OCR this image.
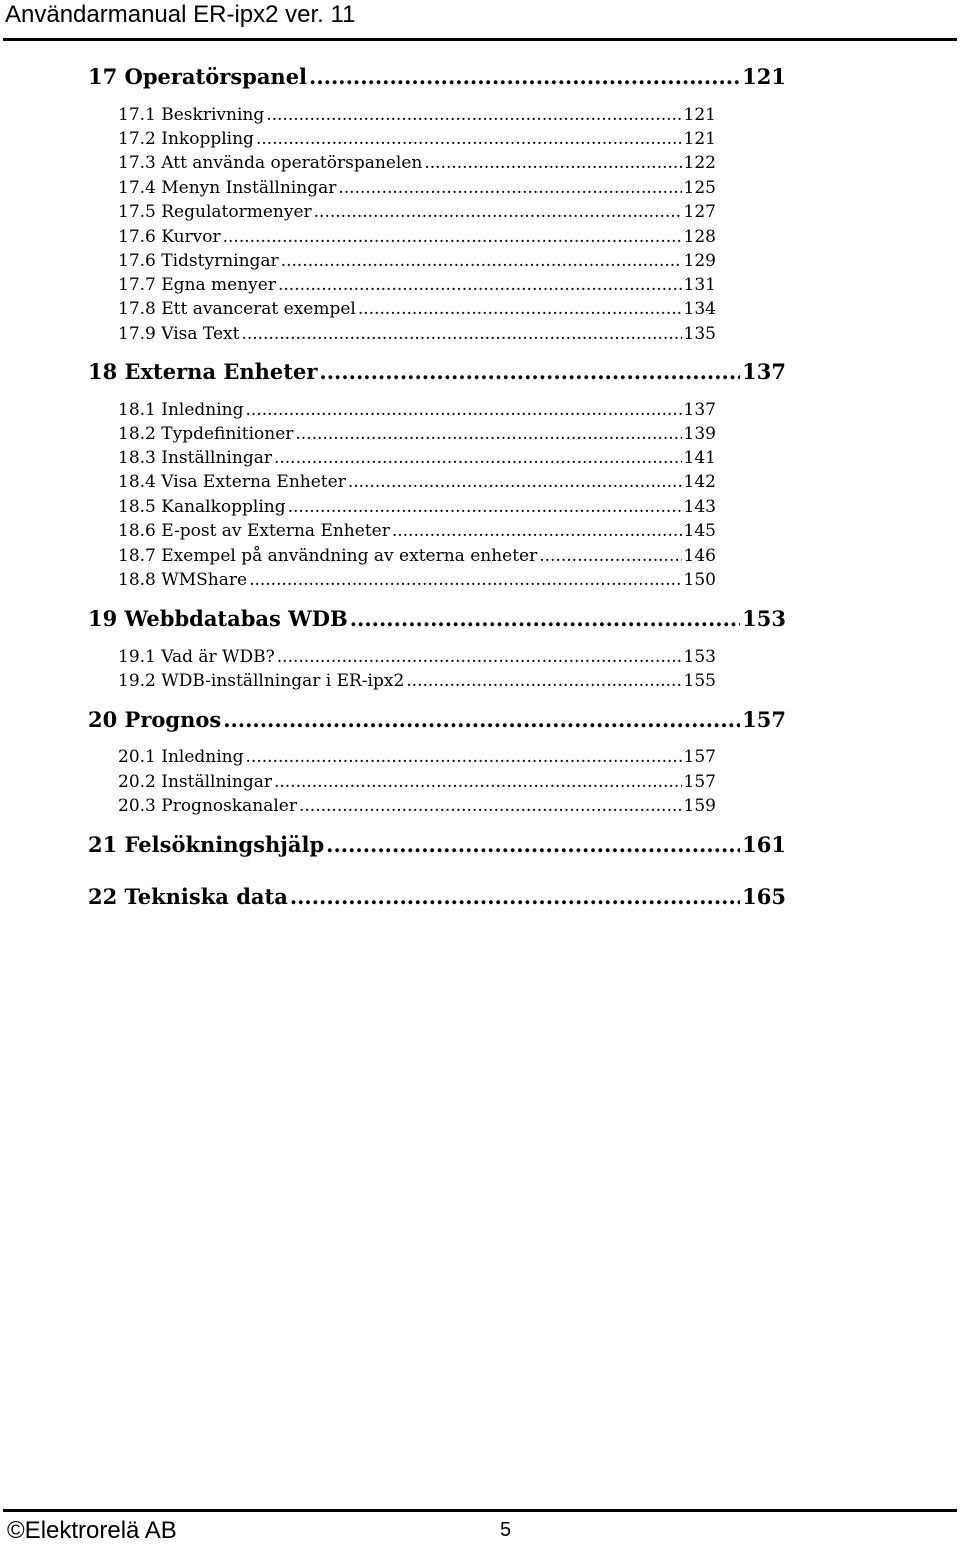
Användarmanual ER-ipx2 ver. 11
17 Operatörspanel .....	121
17.1 Beskrivning .....	121
17.2 Inkoppling .....	121
17.3 Att använda operatörspanelen .....	122
17.4 Menyn Inställningar .....	125
17.5 Regulatormenyer .....	127
17.6 Kurvor .....	128
17.6 Tidstyrningar .....	129
17.7 Egna menyer .....	131
17.8 Ett avancerat exempel .....	134
17.9 Visa Text .....	135
18 Externa Enheter .....	137
18.1 Inledning .....	137
18.2 Typdefinitioner .....	139
18.3 Inställningar .....	141
18.4 Visa Externa Enheter .....	142
18.5 Kanalkoppling .....	143
18.6 E-post av Externa Enheter .....	145
18.7 Exempel på användning av externa enheter .....	146
18.8 WMShare .....	150
19 Webbdatabas WDB .....	153
19.1 Vad är WDB? .....	153
19.2 WDB-inställningar i ER-ipx2 .....	155
20 Prognos .....	157
20.1 Inledning .....	157
20.2 Inställningar .....	157
20.3 Prognoskanaler .....	159
21 Felsökningshjälp .....	161
22 Tekniska data .....	165
©Elektrorelä AB	5
